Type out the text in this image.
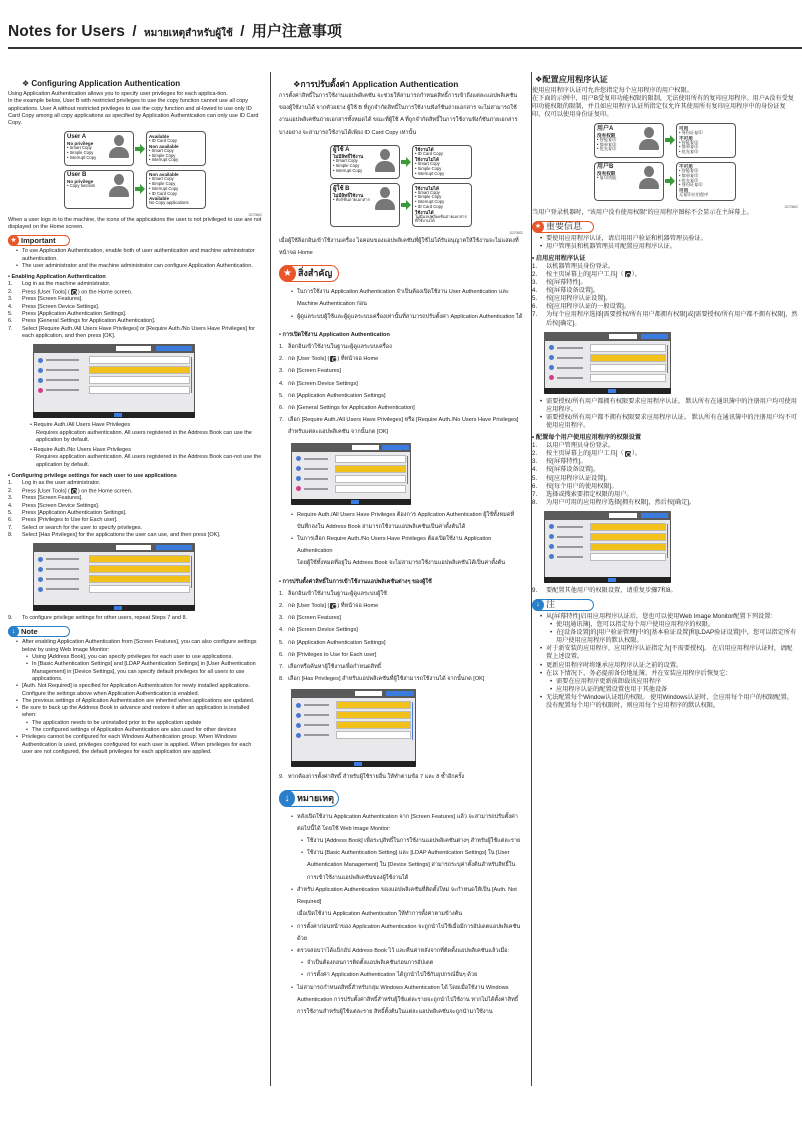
Notes for Users / หมายเหตุสำหรับผู้ใช้ / 用户注意事项
❖ Configuring Application Authentication

Using Application Authentication allows you to specify user privileges for each applica-tion.

In the example below, User B with restricted privileges to use the copy function cannot use all copy applications. User A without restricted privileges to use the copy function and al-lowed to use only ID Card Copy among all copy applications as specified by Application Authentication can only use ID Card Copy.

User A
No privilege
• Smart Copy
• Simple Copy
• Interrupt Copy
Available
• ID Card Copy
Non available
• Smart Copy
• Simple Copy
• Interrupt Copy
User B
No privilege
• Copy function
Non available
• Smart Copy
• Simple Copy
• Interrupt Copy
• ID Card Copy
Available
No Copy applications
D270802

When a user logs in to the machine, the icons of the applications the user is not privileged to use are not displayed on the Home screen.

★ Important
• To use Application Authentication, enable both of user authentication and machine administrator authentication.
• The user administrator and the machine administrator can configure Application Authentication.
• Enabling Application Authentication
1.	Log in as the machine administrator.
2.	Press [User Tools] ( ) on the Home screen.
3.	Press [Screen Features].
4.	Press [Screen Device Settings].
5.	Press [Application Authentication Settings].
6.	Press [General Settings for Application Authentication].
7.	Select [Require Auth./All Users Have Privileges] or [Require Auth./No Users Have Privileges] for each application, and then press [OK].
• Require Auth./All Users Have Privileges
Requires application authentication. All users registered in the Address Book can use the application by default.
• Require Auth./No Users Have Privileges
Requires application authentication. All users registered in the Address Book can-not use the application by default.
• Configuring privilege settings for each user to use applications
1.	Log in as the user administrator.
2.	Press [User Tools] ( ) on the Home screen.
3.	Press [Screen Features].
4.	Press [Screen Device Settings].
5.	Press [Application Authentication Settings].
6.	Press [Privileges to Use for Each user].
7.	Select or search for the user to specify privileges.
8.	Select [Has Privileges] for the applications the user can use, and then press [OK].
9.	To configure privilege settings for other users, repeat Steps 7 and 8.
↓ Note
• After enabling Application Authentication from [Screen Features], you can also configure settings below by using Web Image Monitor:
• Using [Address Book], you can specify privileges for each user to use applications.
• In [Basic Authentication Settings] and [LDAP Authentication Settings] in [User Authentication Management] in [Device Settings], you can specify default privileges for all users to use applications.
• [Auth. Not Required] is specified for Application Authentication for newly installed applications. Configure the settings above when Application Authentication is enabled.
• The previous settings of Application Authentication are inherited when applications are updated.
• Be sure to back up the Address Book in advance and restore it after an application is installed when:
• The application needs to be uninstalled prior to the application update
• The configured settings of Application Authentication are also used for other devices
• Privileges cannot be configured for each Windows Authentication group. When Windows Authentication is used, privileges configured for each user is applied. When privileges for each user are not configured, the default privileges for each application are applied.
❖การปรับตั้งค่า Application Authentication

การตั้งค่าสิทธิ์ในการใช้งานแอปพลิเคชัน จะช่วยให้สามารถกำหนดสิทธิ์การเข้าถึงแต่ละแอปพลิเคชันของผู้ใช้งานได้ จากตัวอย่าง ผู้ใช้ B ที่ถูกจำกัดสิทธิ์ในการใช้งานฟังก์ชันถ่ายเอกสาร จะไม่สามารถใช้งานแอปพลิเคชันถ่ายเอกสารทั้งหมดได้ ขณะที่ผู้ใช้ A ที่ถูกจำกัดสิทธิ์ในการใช้งานฟังก์ชันถ่ายเอกสารบางอย่าง จะสามารถใช้งานได้เพียง ID Card Copy เท่านั้น

ผู้ใช้ A
ไม่มีสิทธิ์ใช้งาน
• Smart Copy
• Simple Copy
• Interrupt Copy
ใช้งานได้
• ID Card Copy
ใช้งานไม่ได้
• Smart Copy
• Simple Copy
• Interrupt Copy
ผู้ใช้ B
ไม่มีสิทธิ์ใช้งาน
• ฟังก์ชันถ่ายเอกสาร
ใช้งานไม่ได้
• Smart Copy
• Simple Copy
• Interrupt Copy
• ID Card Copy
ใช้งานได้
ไม่มีแอปพลิเคชันถ่ายเอกสารที่ใช้งานได้
D270802

เมื่อผู้ใช้ล็อกอินเข้าใช้งานเครื่อง ไอคอนของแอปพลิเคชันที่ผู้ใช้ไม่ได้รับอนุญาตให้ใช้งานจะไม่แสดงที่หน้าจอ Home

★ สิ่งสำคัญ
• ในการใช้งาน Application Authentication จำเป็นต้องเปิดใช้งาน User Authentication และ Machine Authentication ก่อน
• ผู้ดูแลระบบผู้ใช้และผู้ดูแลระบบเครื่องเท่านั้นที่สามารถปรับตั้งค่า Application Authentication ได้
• การเปิดใช้งาน Application Authentication
1. ล็อกอินเข้าใช้งานในฐานะผู้ดูแลระบบเครื่อง
2. กด [User Tools] ( ) ที่หน้าจอ Home
3. กด [Screen Features]
4. กด [Screen Device Settings]
5. กด [Application Authentication Settings]
6. กด [General Settings for Application Authentication]
7. เลือก [Require Auth./All Users Have Privileges] หรือ [Require Auth./No Users Have Privileges] สำหรับแต่ละแอปพลิเคชัน จากนั้นกด [OK]
• Require Auth./All Users Have Privileges ต้องการ Application Authentication ผู้ใช้ทั้งหมดที่บันทึกลงใน Address Book สามารถใช้งานแอปพลิเคชันเป็นค่าตั้งต้นได้
• ในการเลือก Require Auth./No Users Have Privileges ต้องเปิดใช้งาน Application Authentication
โดยผู้ใช้ทั้งหมดที่อยู่ใน Address Book จะไม่สามารถใช้งานแอปพลิเคชันได้เป็นค่าตั้งต้น
• การปรับตั้งค่าสิทธิ์ในการเข้าใช้งานแอปพลิเคชันต่างๆ ของผู้ใช้
1. ล็อกอินเข้าใช้งานในฐานะผู้ดูแลระบบผู้ใช้
2. กด [User Tools] ( ) ที่หน้าจอ Home
3. กด [Screen Features]
4. กด [Screen Device Settings]
5. กด [Application Authentication Settings]
6. กด [Privileges to Use for Each user]
7. เลือกหรือค้นหาผู้ใช้งานเพื่อกำหนดสิทธิ์
8. เลือก [Has Privileges] สำหรับแอปพลิเคชันที่ผู้ใช้สามารถใช้งานได้ จากนั้นกด [OK]
9. หากต้องการตั้งค่าสิทธิ์ สำหรับผู้ใช้รายอื่น ให้ทำตามข้อ 7 และ 8 ซ้ำอีกครั้ง
↓ หมายเหตุ
• หลังเปิดใช้งาน Application Authentication จาก [Screen Features] แล้ว จะสามารถปรับตั้งค่าต่อไปนี้ได้ โดยใช้ Web Image Monitor:
• ใช้งาน [Address Book] เพื่อระบุสิทธิ์ในการใช้งานแอปพลิเคชันต่างๆ สำหรับผู้ใช้แต่ละราย
• ใช้งาน [Basic Authentication Setting] และ [LDAP Authentication Settings] ใน [User Authentication Management] ใน [Device Settings] สามารถระบุค่าตั้งต้นสำหรับสิทธิ์ในการเข้าใช้งานแอปพลิเคชันของผู้ใช้งานได้
• สำหรับ Application Authentication ของแอปพลิเคชันที่ติดตั้งใหม่ จะกำหนดให้เป็น [Auth. Not Required]
เมื่อเปิดใช้งาน Application Authentication ให้ทำการตั้งค่าตามข้างต้น
• การตั้งค่าก่อนหน้าของ Application Authentication จะถูกนำไปใช้เมื่อมีการอัปเดตแอปพลิเคชันด้วย
• ตรวจสอบว่าได้แบ็กอัป Address Book ไว้ และคืนค่าหลังจากที่ติดตั้งแอปพลิเคชันแล้วเมื่อ:
• จำเป็นต้องถอนการติดตั้งแอปพลิเคชันก่อนการอัปเดต
• การตั้งค่า Application Authentication ได้ถูกนำไปใช้กับอุปกรณ์อื่นๆ ด้วย
• ไม่สามารถกำหนดสิทธิ์สำหรับกลุ่ม Windows Authentication ได้ โดยเมื่อใช้งาน Windows Authentication การปรับตั้งค่าสิทธิ์สำหรับผู้ใช้แต่ละรายจะถูกนำไปใช้งาน หากไม่ได้ตั้งค่าสิทธิ์การใช้งานสำหรับผู้ใช้แต่ละราย สิทธิ์ตั้งต้นในแต่ละแอปพลิเคชันจะถูกนำมาใช้งาน
❖配置应用程序认证

使用应用程序认证可允许您指定每个应用程序的用户权限。

在下面的示例中，用户B受复印功能权限的限制，无法使用所有的复印应用程序。用户A没有受复印功能权限的限制，并且如应用程序认证所指定仅允许其使用所有复印应用程序中的身份证复印，仅可以使用身份证复印。

用户A
没有权限
• 智能复印
• 简单复印
• 优先复印
可用
• 身份证复印
不可用
• 智能复印
• 简单复印
• 优先复印
用户B
没有权限
• 复印功能
不可用
• 智能复印
• 简单复印
• 优先复印
• 身份证复印
可用
无复印应用程序
D270802

当用户登录机器时，“该用户没有使用权限”的应用程序图标不会显示在主屏幕上。

★ 重要信息
• 要使用应用程序认证，请启用用户验证和机器管理员验证。
• 用户管理员和机器管理员可配置应用程序认证。
• 启用应用程序认证
1.	以机器管理员身份登录。
2.	按主页屏幕上的[用户工具]（ ）。
3.	按[屏幕特性]。
4.	按[屏幕设备设置]。
5.	按[应用程序认证设置]。
6.	按[应用程序认证的一般设置]。
7.	为每个应用程序选择[需要授权/所有用户都拥有权限]或[需要授权/所有用户都不拥有权限]，然后按[确定]。
• 需要授权/所有用户都拥有权限要求应用程序认证。 默认所有在通讯簿中的注册用户均可使用应用程序。
• 需要授权/所有用户都不拥有权限要求应用程序认证。 默认所有在通讯簿中的注册用户均不可使用应用程序。
• 配置每个用户使用应用程序的权限设置
1.	以用户管理员身份登录。
2.	按主页屏幕上的[用户工具]（ ）。
3.	按[屏幕特性]。
4.	按[屏幕设备设置]。
5.	按[应用程序认证设置]。
6.	按[每个用户的使用权限]。
7.	选择或搜索要指定权限的用户。
8.	为用户可用的应用程序选择[拥有权限]，然后按[确定]。
9.	要配置其他用户的权限设置，请重复步骤7和8。
↓ 注
• 从[屏幕特性]启用应用程序认证后，您也可以使用Web Image Monitor配置下列设置：
• 使用[通讯簿]，您可以指定每个用户使用应用程序的权限。
• 在[设备设置]的[用户验证管理]中的[基本验证设置]和[LDAP验证设置]中，您可以指定所有用户使用应用程序的默认权限。
• 对于新安装的应用程序，应用程序认证指定为[不需要授权]。 在启用应用程序认证时，请配置上述设置。
• 更新应用程序时将继承应用程序认证之前的设置。
• 在以下情况下，务必提前备份地址簿，并在安装应用程序后恢复它：
• 需要在应用程序更新前卸载该应用程序
• 应用程序认证的配置设置也用于其他设备
• 无法配置每个Window认证组的权限。 使用Windows认证时，会应用每个用户的权限配置。 没有配置每个用户的权限时，则应用每个应用程序的默认权限。
